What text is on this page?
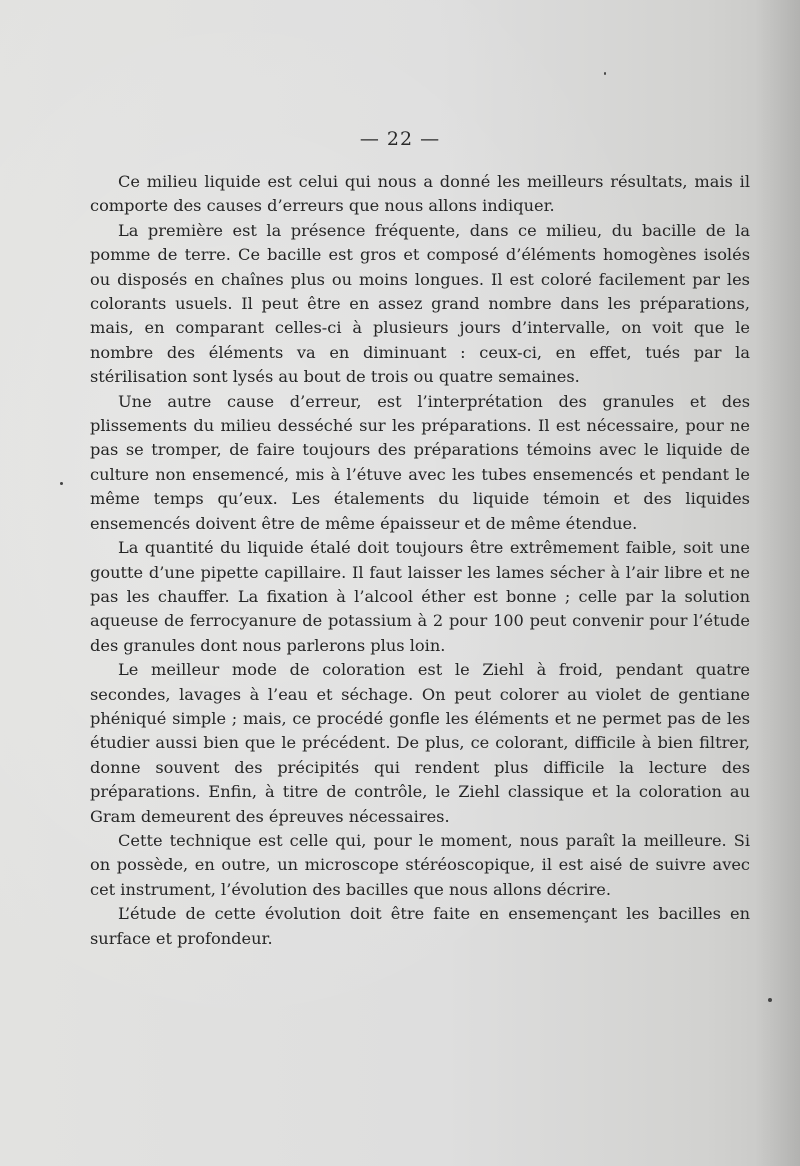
— 22 —

Ce milieu liquide est celui qui nous a donné les meilleurs résultats, mais il comporte des causes d’erreurs que nous allons indiquer.

La première est la présence fréquente, dans ce milieu, du bacille de la pomme de terre. Ce bacille est gros et composé d’éléments homogènes isolés ou disposés en chaînes plus ou moins longues. Il est coloré facilement par les colorants usuels. Il peut être en assez grand nombre dans les préparations, mais, en comparant celles-ci à plusieurs jours d’intervalle, on voit que le nombre des éléments va en diminuant : ceux-ci, en effet, tués par la stérilisation sont lysés au bout de trois ou quatre semaines.

Une autre cause d’erreur, est l’interprétation des granules et des plissements du milieu desséché sur les préparations. Il est nécessaire, pour ne pas se tromper, de faire toujours des préparations témoins avec le liquide de culture non ensemencé, mis à l’étuve avec les tubes ensemencés et pendant le même temps qu’eux. Les étalements du liquide témoin et des liquides ensemencés doivent être de même épaisseur et de même étendue.

La quantité du liquide étalé doit toujours être extrêmement faible, soit une goutte d’une pipette capillaire. Il faut laisser les lames sécher à l’air libre et ne pas les chauffer. La fixation à l’alcool éther est bonne ; celle par la solution aqueuse de ferrocyanure de potassium à 2 pour 100 peut convenir pour l’étude des granules dont nous parlerons plus loin.

Le meilleur mode de coloration est le Ziehl à froid, pendant quatre secondes, lavages à l’eau et séchage. On peut colorer au violet de gentiane phéniqué simple ; mais, ce procédé gonfle les éléments et ne permet pas de les étudier aussi bien que le précédent. De plus, ce colorant, difficile à bien filtrer, donne souvent des précipités qui rendent plus difficile la lecture des préparations. Enfin, à titre de contrôle, le Ziehl classique et la coloration au Gram demeurent des épreuves nécessaires.

Cette technique est celle qui, pour le moment, nous paraît la meilleure. Si on possède, en outre, un microscope stéréoscopique, il est aisé de suivre avec cet instrument, l’évolution des bacilles que nous allons décrire.

L’étude de cette évolution doit être faite en ensemençant les bacilles en surface et profondeur.
